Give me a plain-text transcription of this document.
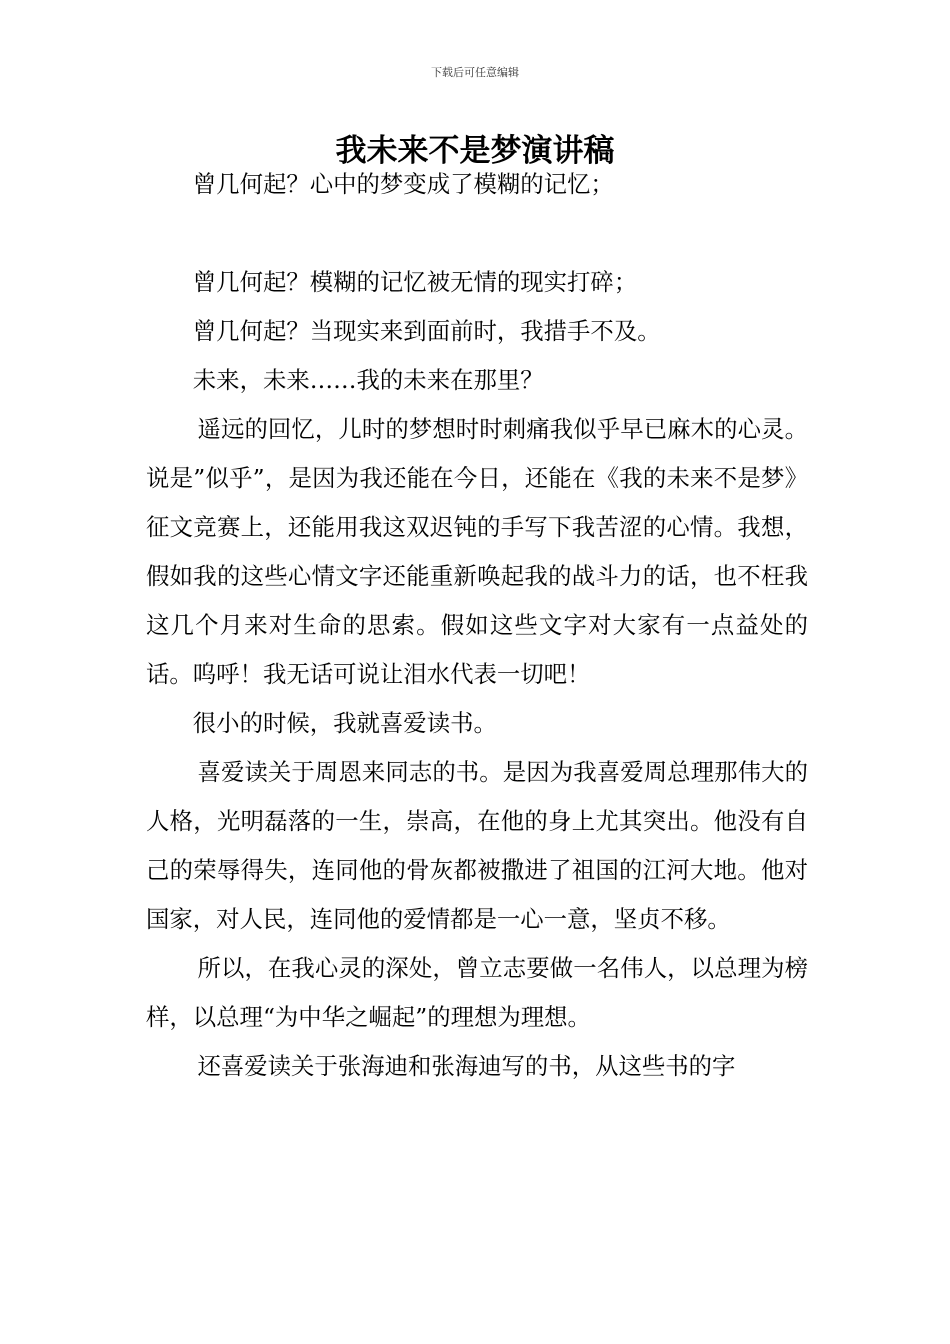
下载后可任意编辑
我未来不是梦演讲稿

曾几何起？心中的梦变成了模糊的记忆；

曾几何起？模糊的记忆被无情的现实打碎；

曾几何起？当现实来到面前时，我措手不及。

未来，未来……我的未来在那里？

遥远的回忆，儿时的梦想时时刺痛我似乎早已麻木的心灵。说是”似乎”，是因为我还能在今日，还能在《我的未来不是梦》征文竞赛上，还能用我这双迟钝的手写下我苦涩的心情。我想，假如我的这些心情文字还能重新唤起我的战斗力的话，也不枉我这几个月来对生命的思索。假如这些文字对大家有一点益处的话。呜呼！我无话可说让泪水代表一切吧！

很小的时候，我就喜爱读书。

喜爱读关于周恩来同志的书。是因为我喜爱周总理那伟大的人格，光明磊落的一生，崇高，在他的身上尤其突出。他没有自己的荣辱得失，连同他的骨灰都被撒进了祖国的江河大地。他对国家，对人民，连同他的爱情都是一心一意，坚贞不移。

所以，在我心灵的深处，曾立志要做一名伟人，以总理为榜样，以总理“为中华之崛起”的理想为理想。

还喜爱读关于张海迪和张海迪写的书，从这些书的字
